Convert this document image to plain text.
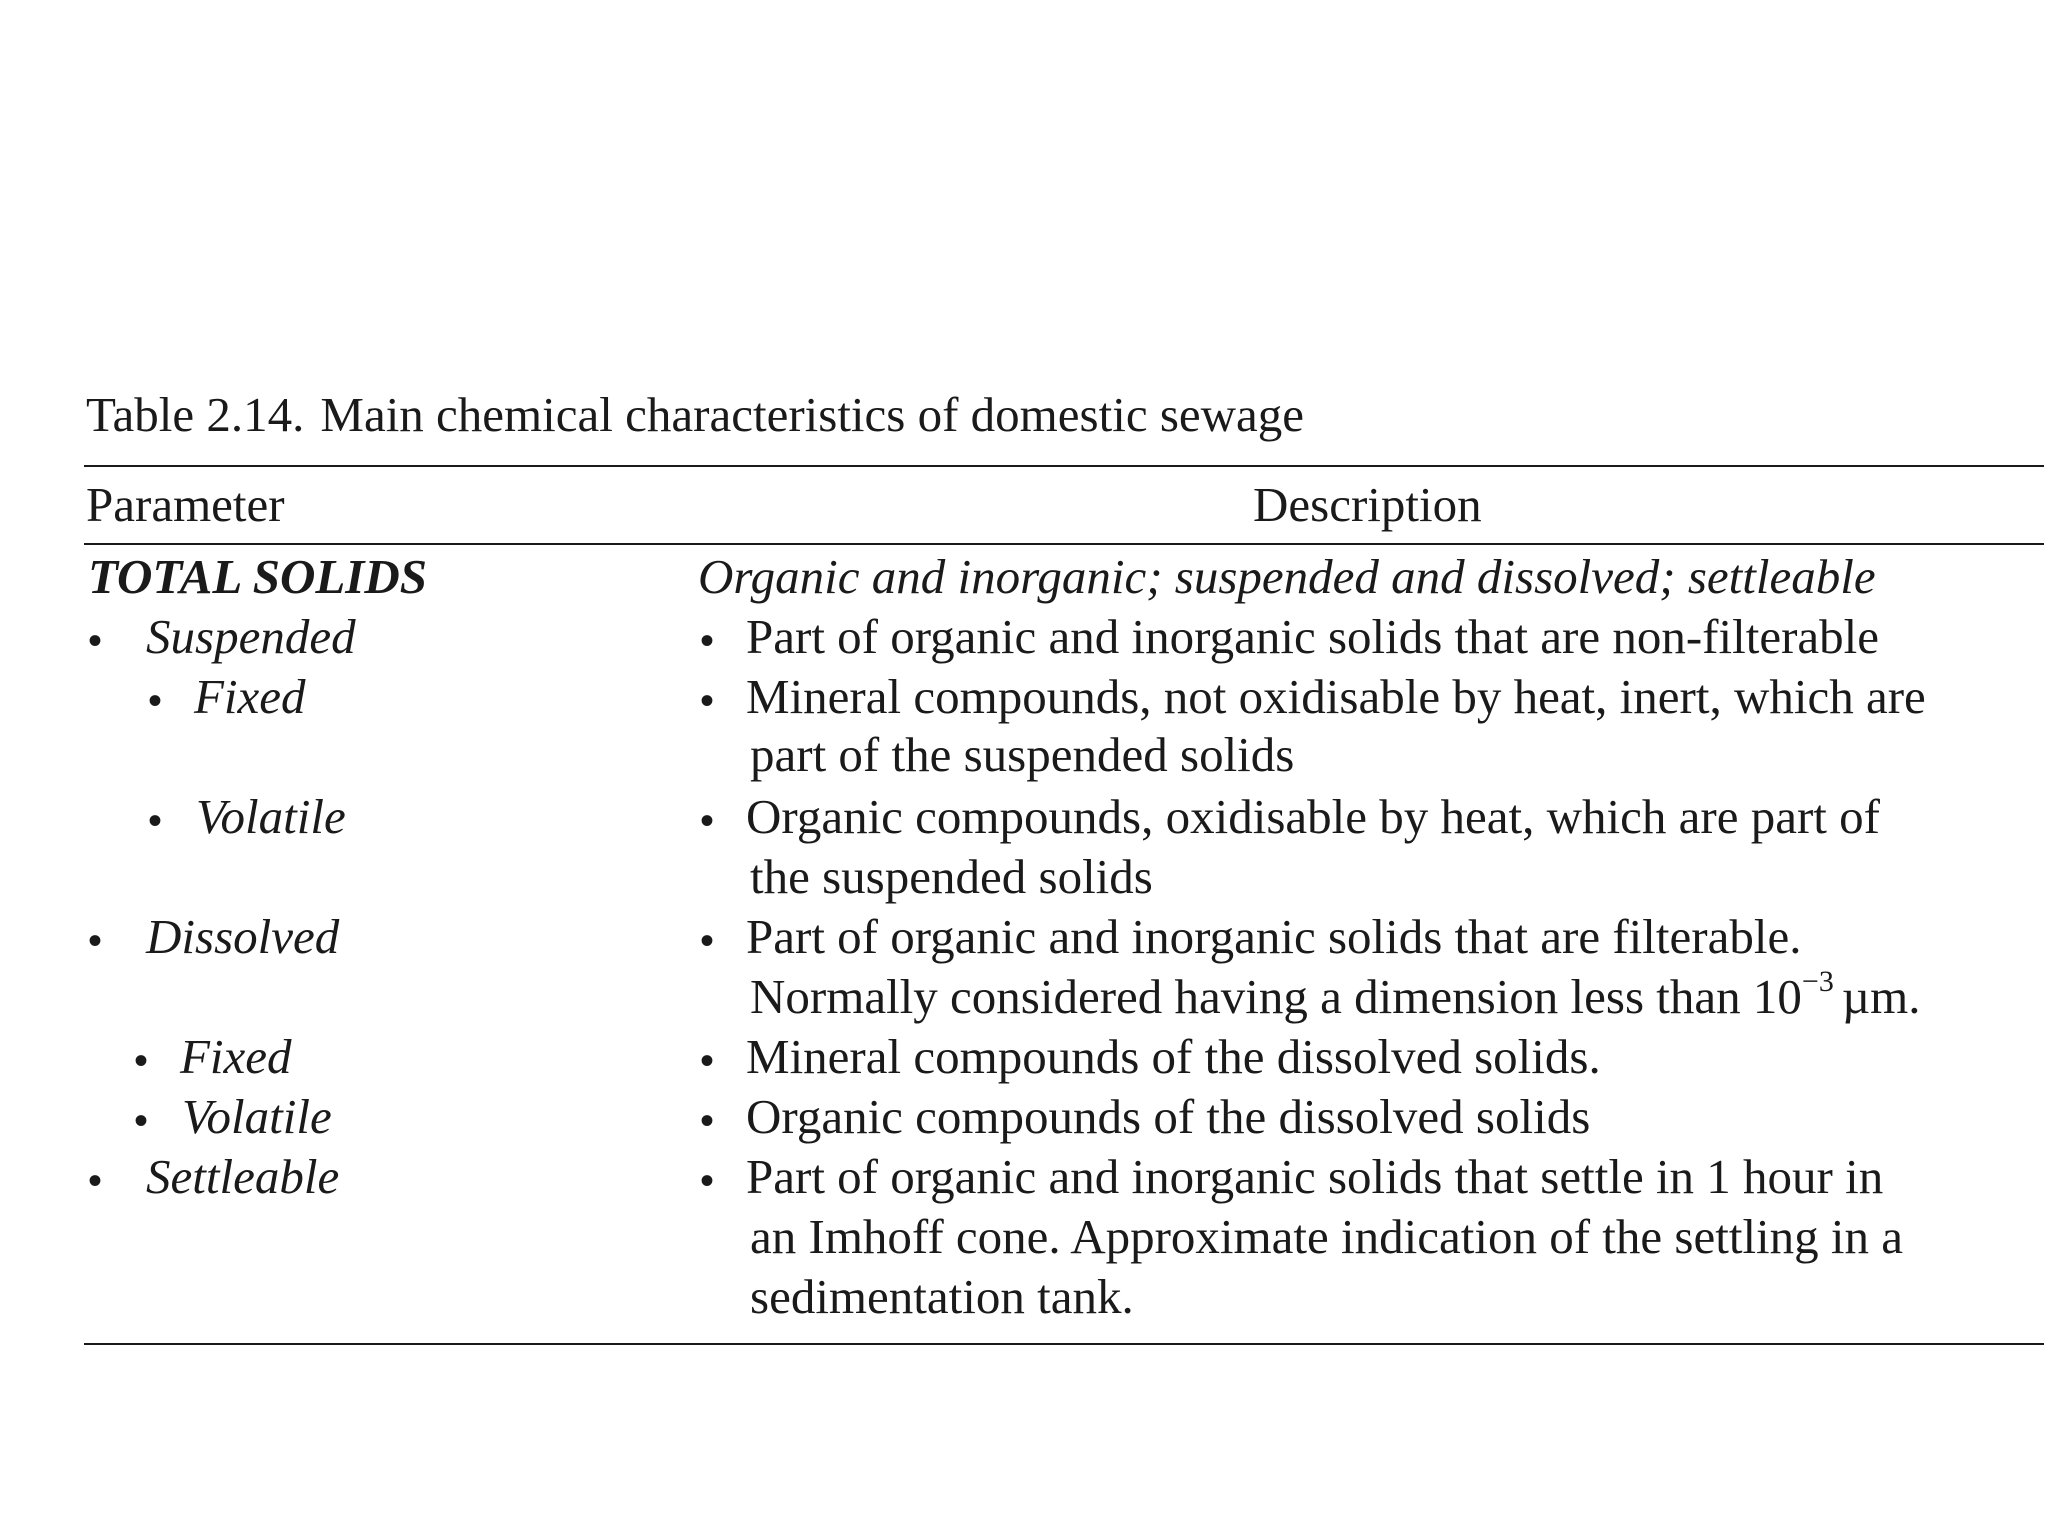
Table 2.14. Main chemical characteristics of domestic sewage
Parameter	Description
TOTAL SOLIDS	Organic and inorganic; suspended and dissolved; settleable
• Suspended	• Part of organic and inorganic solids that are non-filterable
• Fixed	• Mineral compounds, not oxidisable by heat, inert, which are
part of the suspended solids
• Volatile	• Organic compounds, oxidisable by heat, which are part of
the suspended solids
• Dissolved	• Part of organic and inorganic solids that are filterable.
Normally considered having a dimension less than $10^{-3}$ µm.
• Fixed	• Mineral compounds of the dissolved solids.
• Volatile	• Organic compounds of the dissolved solids
• Settleable	• Part of organic and inorganic solids that settle in 1 hour in
an Imhoff cone. Approximate indication of the settling in a
sedimentation tank.
